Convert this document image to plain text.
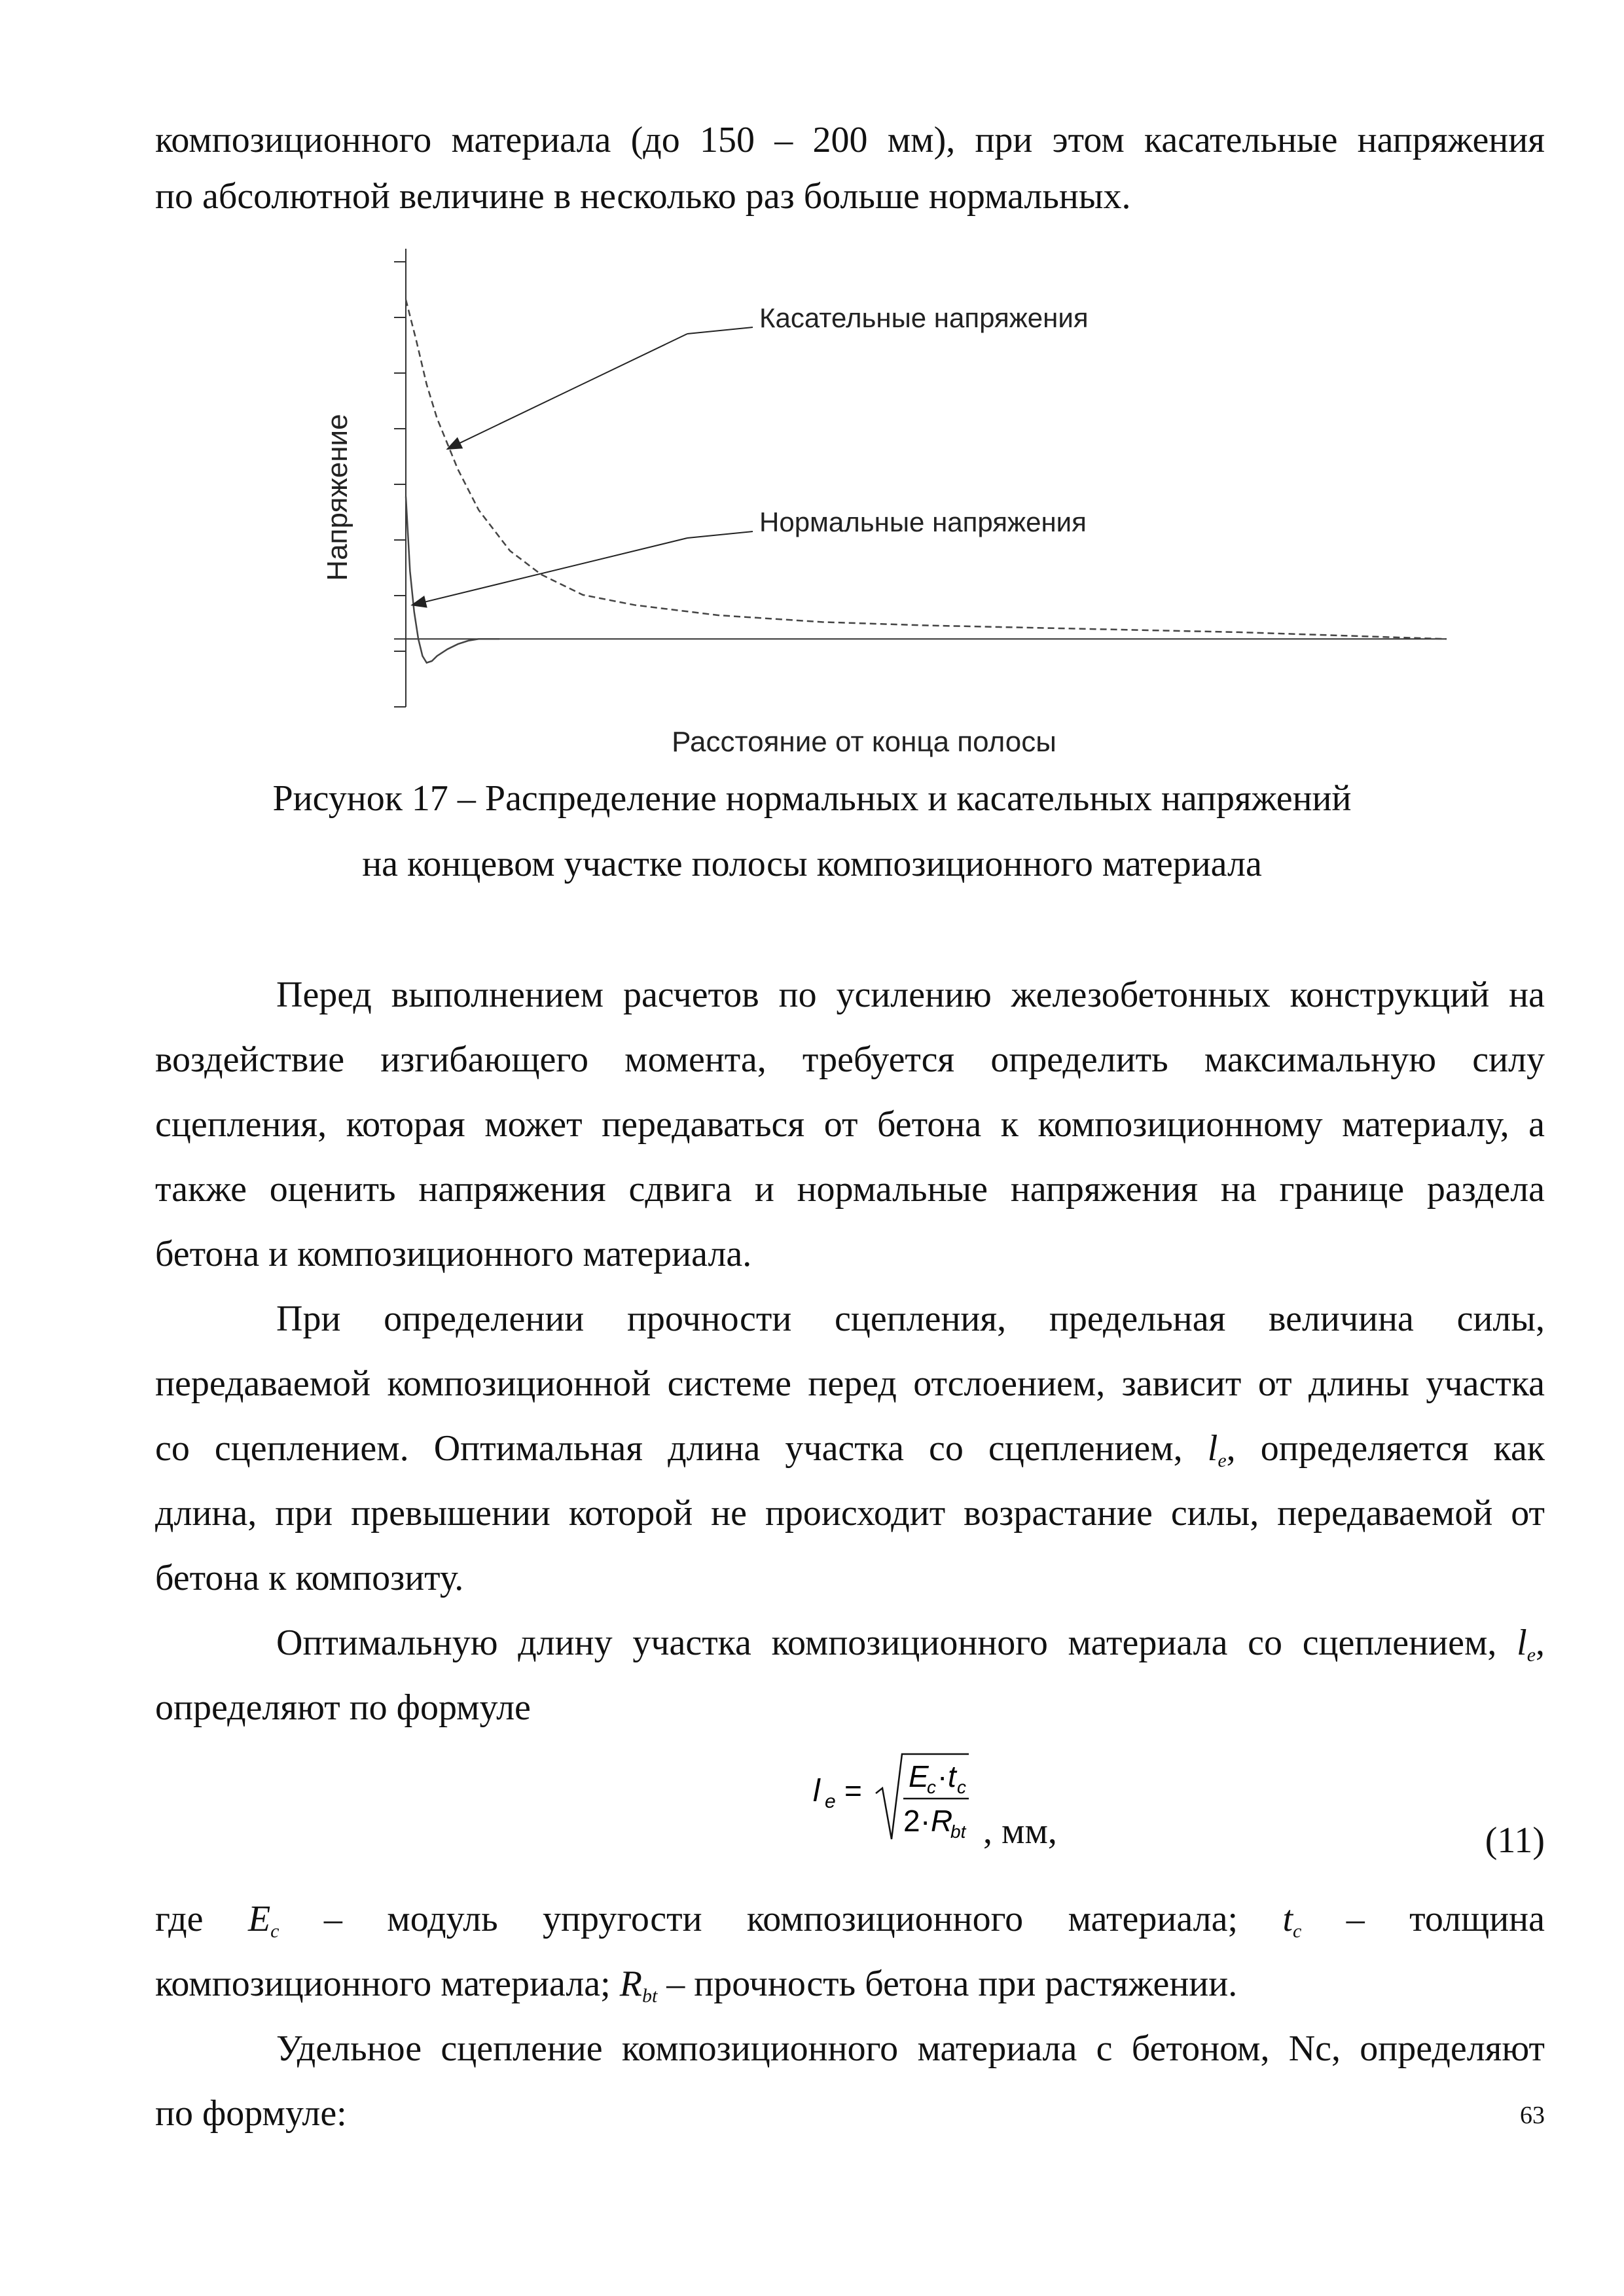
композиционного материала (до 150 – 200 мм), при этом касательные напряжения
по абсолютной величине в несколько раз больше нормальных.
Касательные напряжения
Нормальные напряжения
Напряжение
Расстояние от конца полосы
Рисунок 17 – Распределение нормальных и касательных напряжений
на концевом участке полосы композиционного материала
Перед выполнением расчетов по усилению железобетонных конструкций на
воздействие изгибающего момента, требуется определить максимальную силу
сцепления, которая может передаваться от бетона к композиционному материалу, а
также оценить напряжения сдвига и нормальные напряжения на границе раздела
бетона и композиционного материала.
При определении прочности сцепления, предельная величина силы,
передаваемой композиционной системе перед отслоением, зависит от длины участка
со сцеплением. Оптимальная длина участка со сцеплением, $l_e$, определяется как
длина, при превышении которой не происходит возрастание силы, передаваемой от
бетона к композиту.
Оптимальную длину участка композиционного материала со сцеплением, $l_e$,
определяют по формуле
l e = E
c · t c
2 · R
bt , мм,	(11)
где $E_c$ – модуль упругости композиционного материала; $t_c$ – толщина
композиционного материала; $R_{bt}$ – прочность бетона при растяжении.
Удельное сцепление композиционного материала с бетоном, Nc, определяют
по формуле:	63
